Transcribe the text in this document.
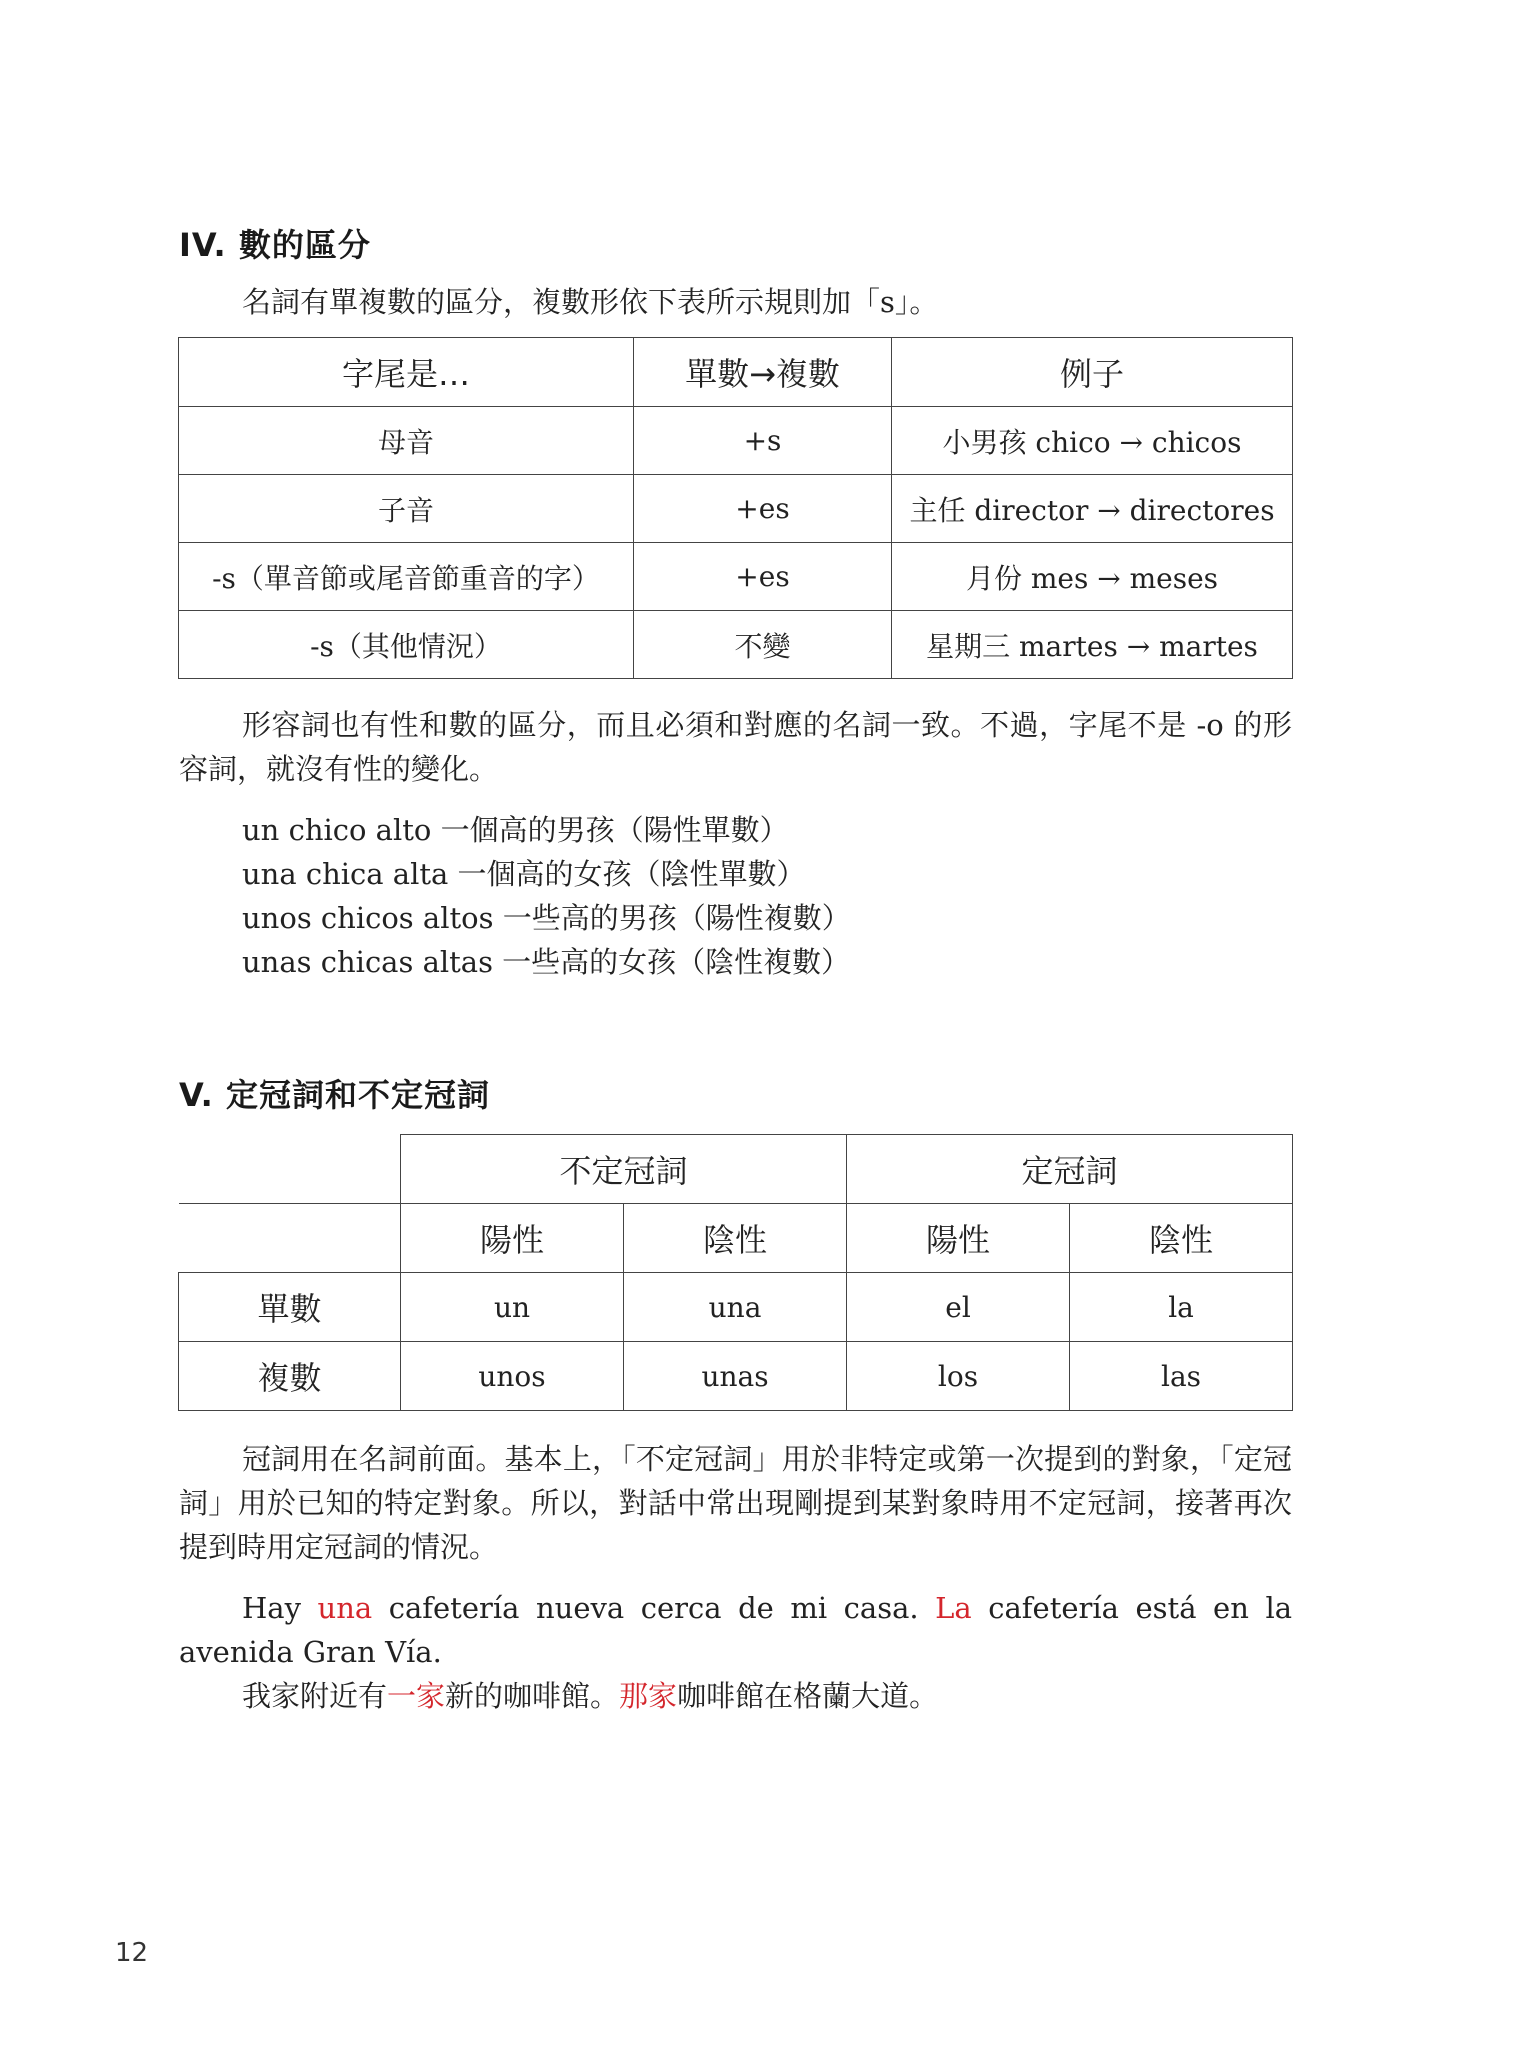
IV. 數的區分

名詞有單複數的區分，複數形依下表所示規則加「s」。

字尾是…	單數→複數	例子
母音	+s	小男孩 chico → chicos
子音	+es	主任 director → directores
-s（單音節或尾音節重音的字）	+es	月份 mes → meses
-s（其他情況）	不變	星期三 martes → martes

形容詞也有性和數的區分，而且必須和對應的名詞一致。不過，字尾不是 -o 的形容詞，就沒有性的變化。

un chico alto 一個高的男孩（陽性單數）
una chica alta 一個高的女孩（陰性單數）
unos chicos altos 一些高的男孩（陽性複數）
unas chicas altas 一些高的女孩（陰性複數）
V. 定冠詞和不定冠詞
	不定冠詞		定冠詞	
	陽性	陰性	陽性	陰性
單數	un	una	el	la
複數	unos	unas	los	las

冠詞用在名詞前面。基本上，「不定冠詞」用於非特定或第一次提到的對象，「定冠詞」用於已知的特定對象。所以，對話中常出現剛提到某對象時用不定冠詞，接著再次提到時用定冠詞的情況。

Hay una cafetería nueva cerca de mi casa. La cafetería está en la avenida Gran Vía.

我家附近有一家新的咖啡館。那家咖啡館在格蘭大道。

12
